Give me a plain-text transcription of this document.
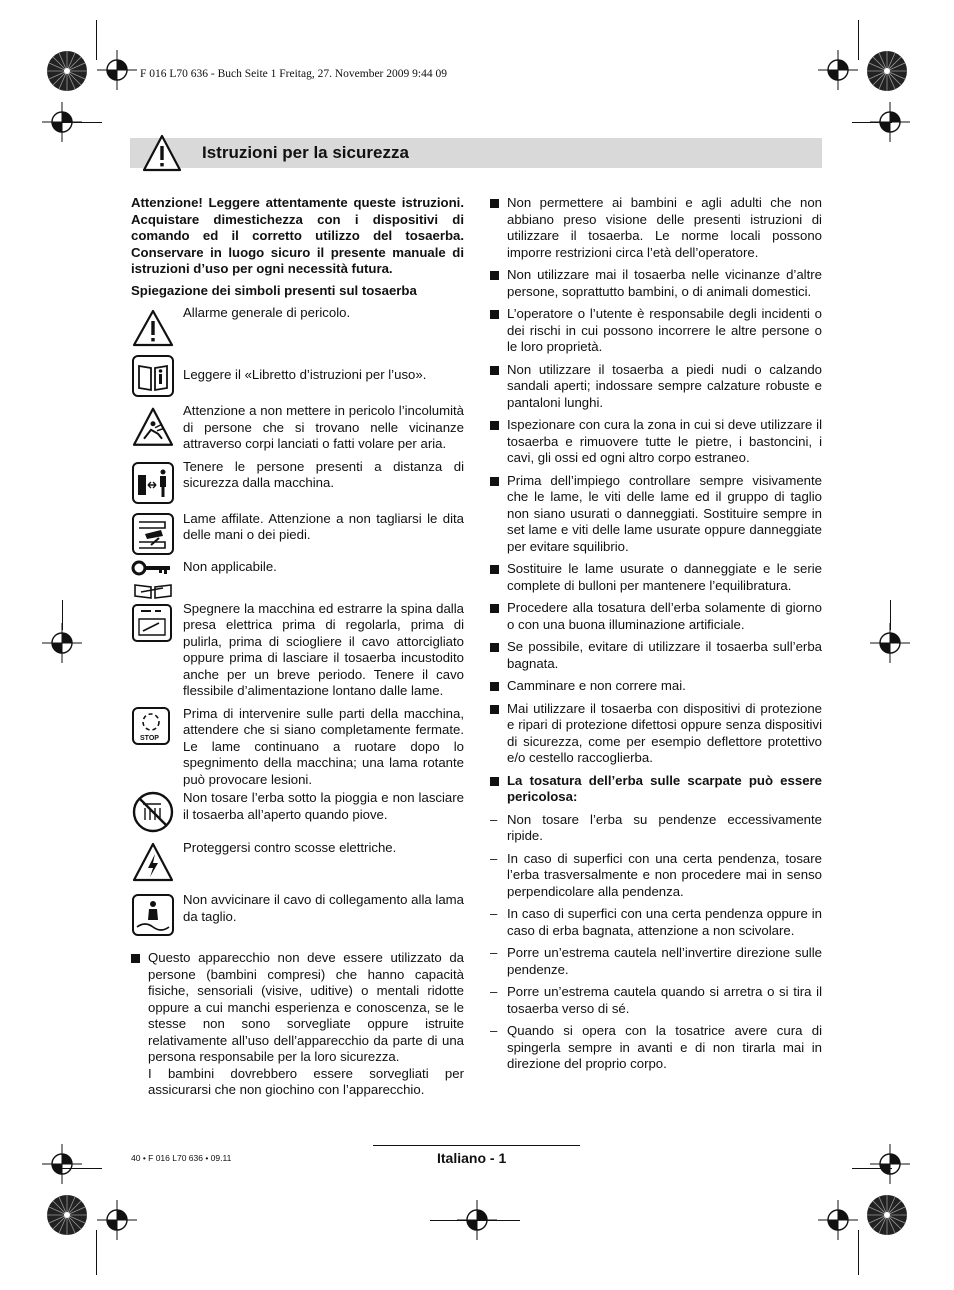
F 016 L70 636 - Buch Seite 1 Freitag, 27. November 2009 9:44 09
Istruzioni per la sicurezza

Attenzione! Leggere attentamente queste istruzioni. Acquistare dimestichezza con i dispositivi di comando ed il corretto utilizzo del tosaerba. Conservare in luogo sicuro il presente manuale di istruzioni d’uso per ogni necessità futura.

Spiegazione dei simboli presenti sul tosaerba

Allarme generale di pericolo.
Leggere il «Libretto d’istruzioni per l’uso».
Attenzione a non mettere in pericolo l’incolumità di persone che si trovano nelle vicinanze attraverso corpi lanciati o fatti volare per aria.
Tenere le persone presenti a distanza di sicurezza dalla macchina.
Lame affilate. Attenzione a non tagliarsi le dita delle mani o dei piedi.
Non applicabile.
Spegnere la macchina ed estrarre la spina dalla presa elettrica prima di regolarla, prima di pulirla, prima di sciogliere il cavo attorcigliato oppure prima di lasciare il tosaerba incustodito anche per un breve periodo. Tenere il cavo flessibile d’alimentazione lontano dalle lame.
STOP
Prima di intervenire sulle parti della macchina, attendere che si siano completamente fermate. Le lame continuano a ruotare dopo lo spegnimento della macchina; una lama rotante può provocare lesioni.
Non tosare l’erba sotto la pioggia e non lasciare il tosaerba all’aperto quando piove.
Proteggersi contro scosse elettriche.
Non avvicinare il cavo di collegamento alla lama da taglio.

Questo apparecchio non deve essere utilizzato da persone (bambini compresi) che hanno capacità fisiche, sensoriali (visive, uditive) o mentali ridotte oppure a cui manchi esperienza e conoscenza, se le stesse non sono sorvegliate oppure istruite relativamente all’uso dell’apparecchio da parte di una persona responsabile per la loro sicurezza.

I bambini dovrebbero essere sorvegliati per assicurarsi che non giochino con l’apparecchio.

Non permettere ai bambini e agli adulti che non abbiano preso visione delle presenti istruzioni di utilizzare il tosaerba. Le norme locali possono imporre restrizioni circa l’età dell’operatore.

Non utilizzare mai il tosaerba nelle vicinanze d’altre persone, soprattutto bambini, o di animali domestici.

L’operatore o l’utente è responsabile degli incidenti o dei rischi in cui possono incorrere le altre persone o le loro proprietà.

Non utilizzare il tosaerba a piedi nudi o calzando sandali aperti; indossare sempre calzature robuste e pantaloni lunghi.

Ispezionare con cura la zona in cui si deve utilizzare il tosaerba e rimuovere tutte le pietre, i bastoncini, i cavi, gli ossi ed ogni altro corpo estraneo.

Prima dell’impiego controllare sempre visivamente che le lame, le viti delle lame ed il gruppo di taglio non siano usurati o danneggiati. Sostituire sempre in set lame e viti delle lame usurate oppure danneggiate per evitare squilibrio.

Sostituire le lame usurate o danneggiate e le serie complete di bulloni per mantenere l’equilibratura.

Procedere alla tosatura dell’erba solamente di giorno o con una buona illuminazione artificiale.

Se possibile, evitare di utilizzare il tosaerba sull’erba bagnata.

Camminare e non correre mai.

Mai utilizzare il tosaerba con dispositivi di protezione e ripari di protezione difettosi oppure senza dispositivi di sicurezza, come per esempio deflettore protettivo e/o cestello raccoglierba.

La tosatura dell’erba sulle scarpate può essere pericolosa:

– Non tosare l’erba su pendenze eccessivamente ripide.

– In caso di superfici con una certa pendenza, tosare l’erba trasversalmente e non procedere mai in senso perpendicolare alla pendenza.

– In caso di superfici con una certa pendenza oppure in caso di erba bagnata, attenzione a non scivolare.

– Porre un’estrema cautela nell’invertire direzione sulle pendenze.

– Porre un’estrema cautela quando si arretra o si tira il tosaerba verso di sé.

– Quando si opera con la tosatrice avere cura di spingerla sempre in avanti e di non tirarla mai in direzione del proprio corpo.

Italiano - 1
40 • F 016 L70 636 • 09.11
